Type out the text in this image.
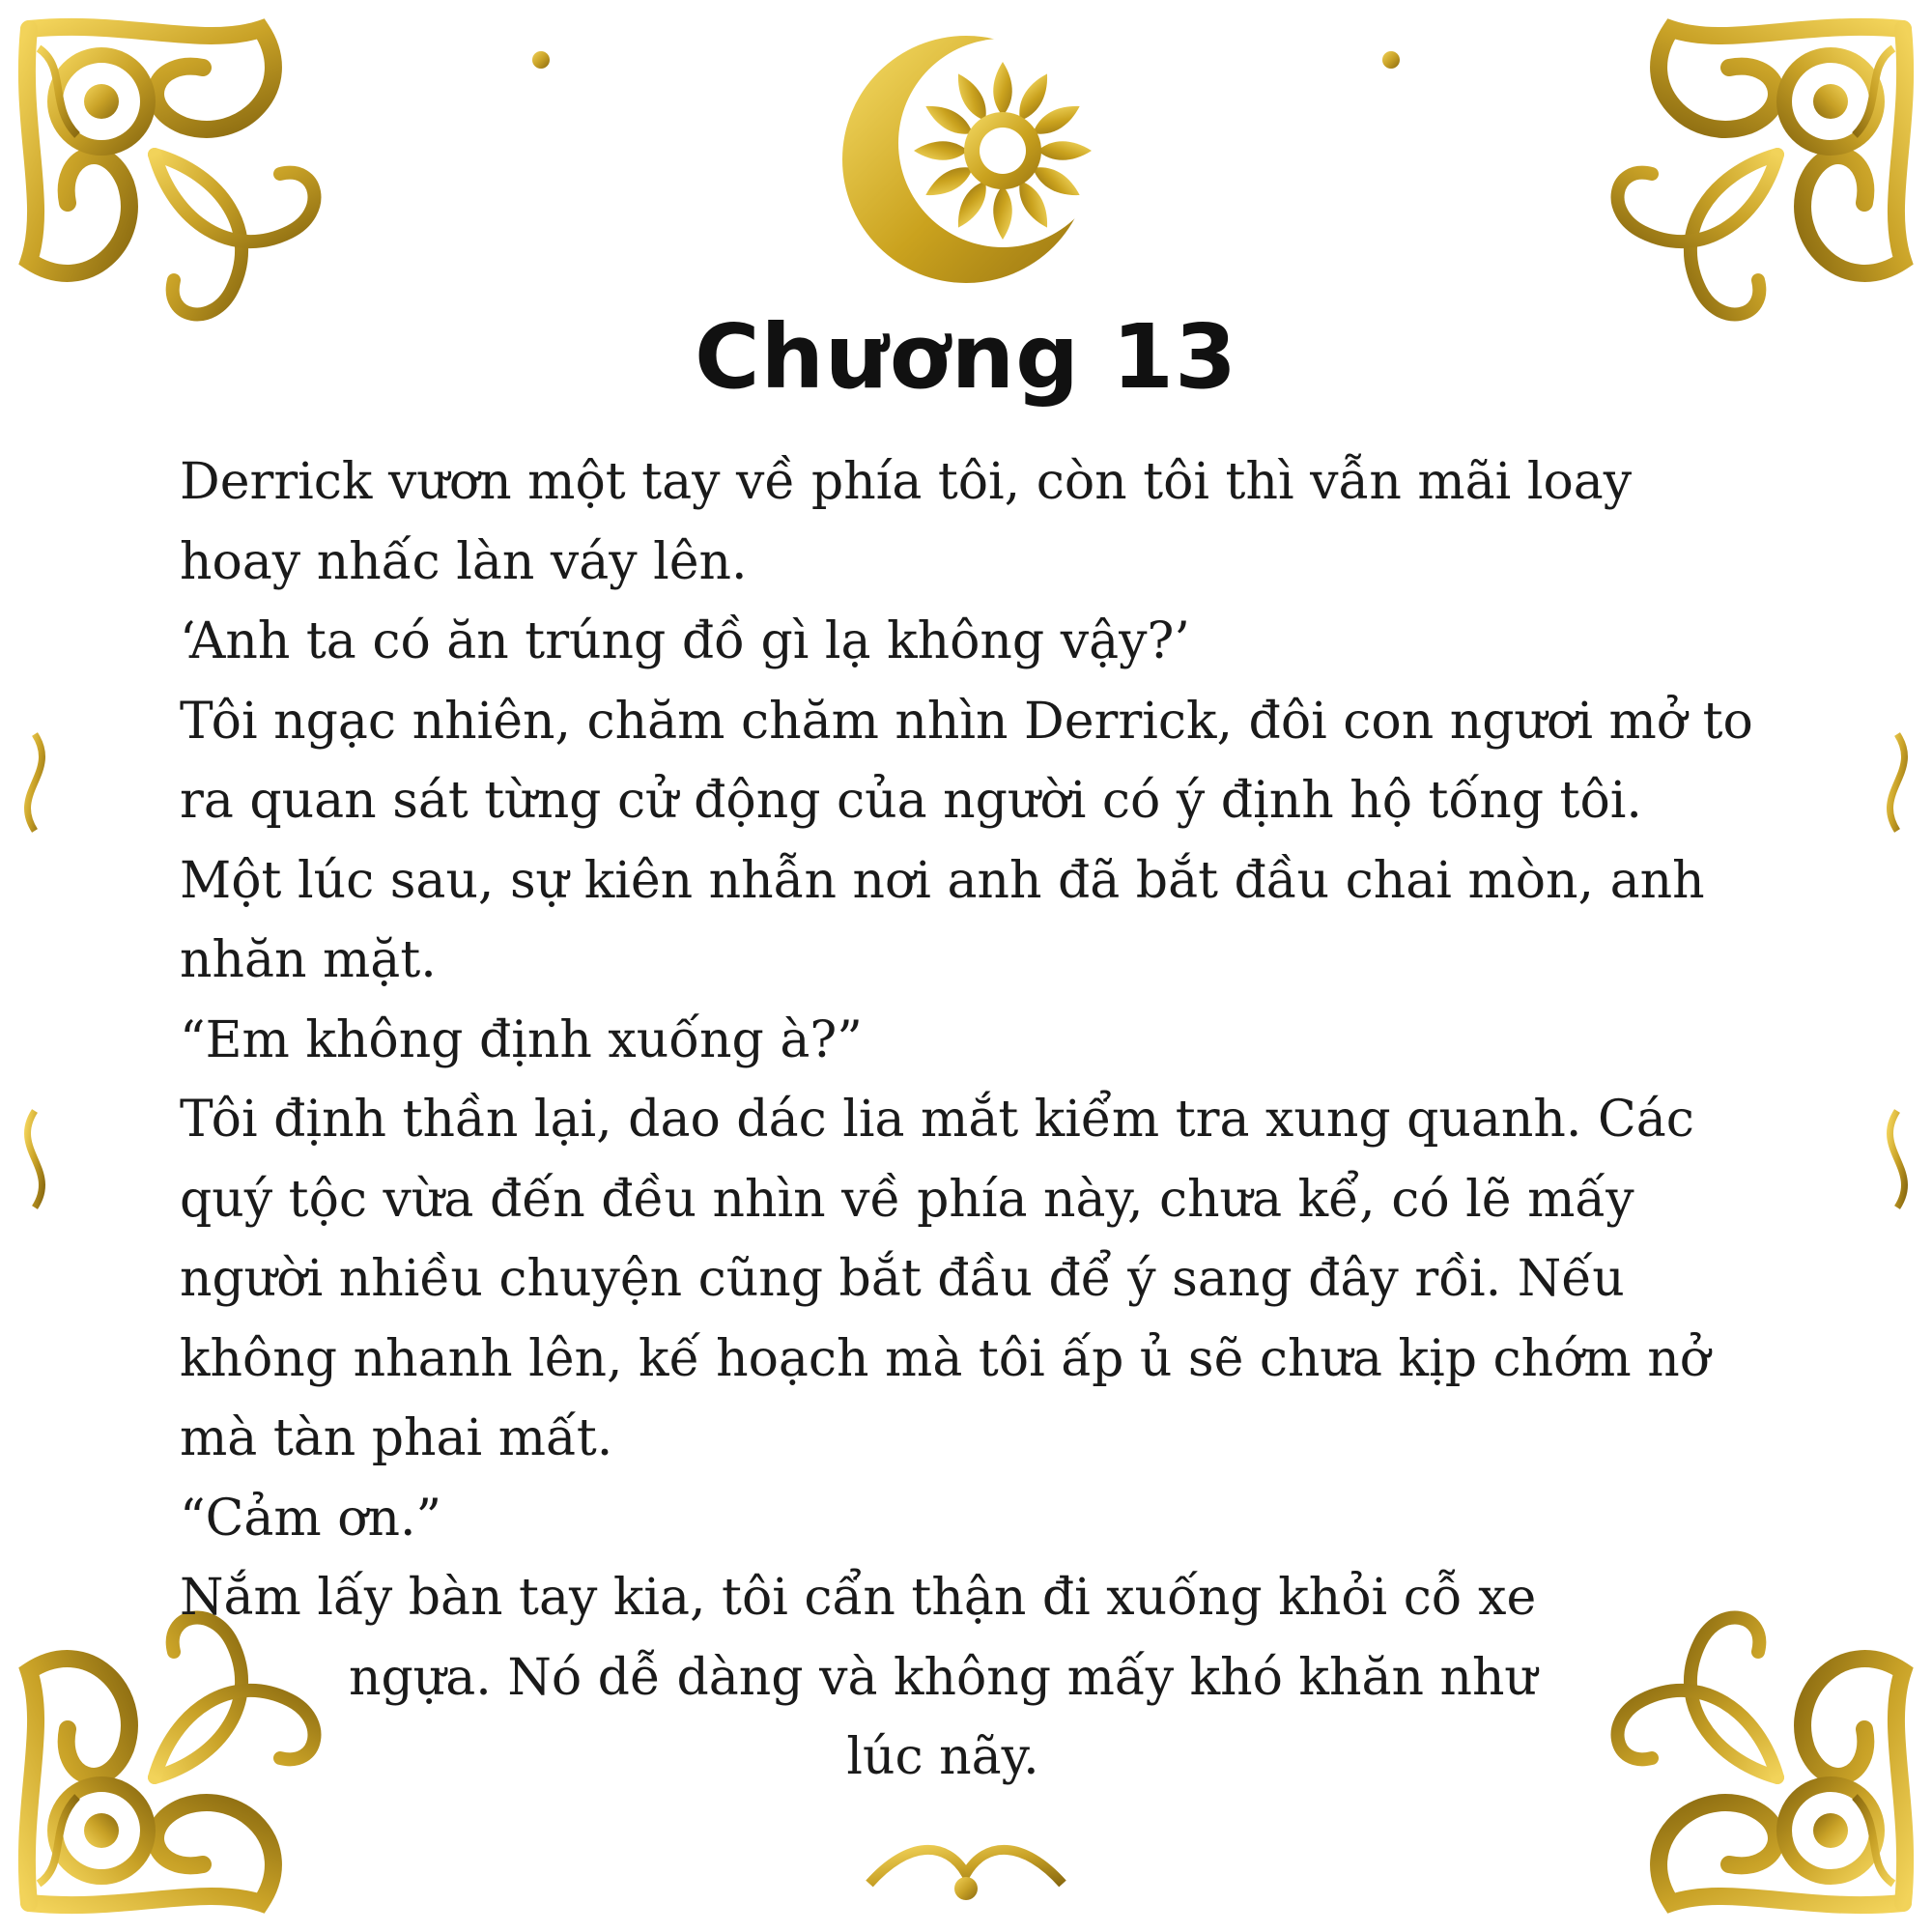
Chương 13
Derrick vươn một tay về phía tôi, còn tôi thì vẫn mãi loay hoay nhấc làn váy lên.
‘Anh ta có ăn trúng đồ gì lạ không vậy?’
Tôi ngạc nhiên, chăm chăm nhìn Derrick, đôi con ngươi mở to ra quan sát từng cử động của người có ý định hộ tống tôi.
Một lúc sau, sự kiên nhẫn nơi anh đã bắt đầu chai mòn, anh nhăn mặt.
“Em không định xuống à?”
Tôi định thần lại, dao dác lia mắt kiểm tra xung quanh. Các quý tộc vừa đến đều nhìn về phía này, chưa kể, có lẽ mấy người nhiều chuyện cũng bắt đầu để ý sang đây rồi. Nếu không nhanh lên, kế hoạch mà tôi ấp ủ sẽ chưa kịp chớm nở mà tàn phai mất.
“Cảm ơn.”
Nắm lấy bàn tay kia, tôi cẩn thận đi xuống khỏi cỗ xe
ngựa. Nó dễ dàng và không mấy khó khăn như
lúc nãy.
